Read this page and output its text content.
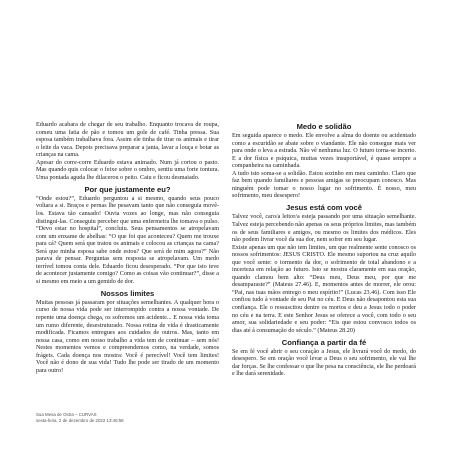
Eduardo acabara de chegar de seu trabalho. Enquanto trocava de roupa, comeu uma fatia de pão e tomou um gole de café. Tinha pressa. Sua esposa também trabalhava fora. Assim ele tinha de tirar os animais e tirar o leite da vaca. Depois precisava preparar a janta, lavar a louça e botar as crianças na cama.

Apesar do corre-corre Eduardo estava animado. Num já cortou o pasto. Mas quando quis colocar o feixe sobre o ombro, sentiu uma forte tontura. Uma pontada aguda lhe dilacerou o peito. Caiu e ficou desmaiado.

Por que justamente eu?

“Onde estou?”, Eduardo perguntou a si mesmo, quando seus pouco voltara a si. Braços e pernas lhe pesavam tanto que não conseguia movê-los. Estava tão cansado! Ouvia vozes ao longe, mas não conseguia distingui-las. Conseguiu perceber que uma enfermeira lhe tomava o pulso. “Devo estar no hospital”, concluiu. Seus pensamentos se atropelavam com um enxame de abelhas: “O que foi que aconteceu? Quem me trouxe para cá? Quem será que tratou os animais e colocou as crianças na cama? Será que minha esposa sabe onde estou? Que será de mim agora?” Não parava de pensar. Perguntas sem resposta se atropelavam. Um medo terrível tomou conta dele. Eduardo ficou desesperado. “Por que isto teve de acontecer justamente comigo? Como as coisas vão continuar?”, disse a si mesmo em meio a um gemido de dor.

Nossos limites

Muitas pessoas já passaram por situações semelhantes. A qualquer hora o curso de nossa vida pode ser interrompido contra a nossa vontade. De repente uma doença chega, os sofremos um acidente... E nossa vida toma um rumo diferente, desestruturado. Nossa rotina de vida é drasticamente modificada. Ficamos entregues aos cuidados de outros. Mas, tanto em nossa casa, como em nosso trabalho a vida tem de continuar – sem nós! Nestes momentos vemos e compreendemos como, na verdade, somos frágeis. Cada doença nos mostra: Você é perecível! Você tem limites! Você não é dono de sua vida! Tudo lhe pode ser tirado de um momento para outro!

Medo e solidão

Em seguida aparece o medo. Ele envolve a alma do doente ou acidentado como a escuridão se abate sobre o viandante. Ele não consegue mais ver para onde o leva a estrada. Não vê nenhuma luz. O futuro torna-se incerto. E a dor física e psíquica, muitas vezes insuportável, é quase sempre a companheira na caminhada.

A tudo isto soma-se a solidão. Estou sozinho em meu caminho. Claro que faz bem quando familiares e pessoas amigas se preocupam conosco. Mas ninguém pode tomar o nosso lugar no sofrimento. É nosso, meu sofrimento, meu desespero!

Jesus está com você

Talvez você, caro/a leitor/a esteja passando por uma situação semelhante. Talvez esteja percebendo não apenas os seus próprios limites, mas também os de seus familiares e amigos, ou mesmo os limites dos médicos. Eles não podem livrar você da sua dor, nem sofrer em seu lugar.

Existe apenas um que não tem limites, um que realmente sente conosco os nossos sofrimentos: JESUS CRISTO. Ele mesmo suportou na cruz aquilo que você sente: o tormento da dor, o sofrimento de total abandono e a incerteza em relação ao futuro. Isto se mostra claramente em sua oração, quando clamou bem alto: “Deus meu, Deus meu, por que me desamparaste?” (Mateus 27.46). E, momentos antes de morrer, ele orou: “Pai, nas tuas mãos entrego o meu espírito!” (Lucas 23.46). Com isso Ele confiou tudo à vontade de seu Pai no céu. E Deus não desapontou esta sua confiança. Ele o ressuscitou dentre os mortos e deu a Jesus todo o poder no céu e na terra. E este Senhor Jesus se oferece a você, com todo o seu amor, sua solidariedade e seu poder: “Eis que estou convosco todos os dias até à consumação do século.” (Mateus 28.20)

Confiança a partir da fé

Se em fé você abrir o seu coração a Jesus, ele livrará você do medo, do desespero. Se em oração você levar a Deus o seu sofrimento, ele vai lhe dar forças. Se lhe confessar o que lhe pesa na consciência, ele lhe perdoará e lhe dará serenidade.

Sua Mesa de Ostra – CURVAS
sexta-feira, 2 de dezembro de 2022 13:46:58
